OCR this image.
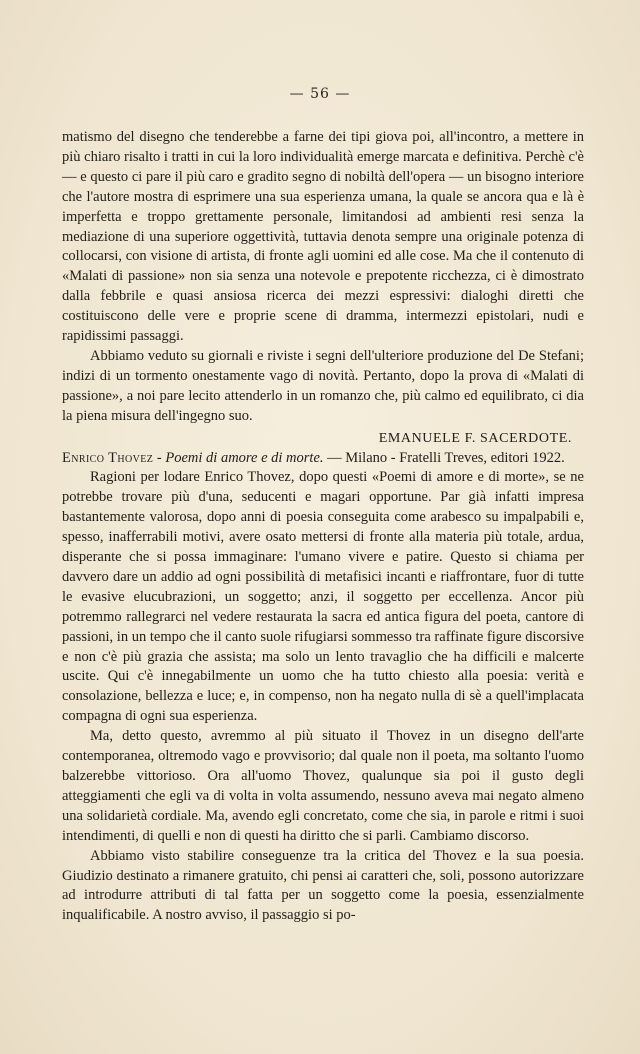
— 56 —

matismo del disegno che tenderebbe a farne dei tipi giova poi, all'incontro, a mettere in più chiaro risalto i tratti in cui la loro individualità emerge marcata e definitiva. Perchè c'è — e questo ci pare il più caro e gradito segno di nobiltà dell'opera — un bisogno interiore che l'autore mostra di esprimere una sua esperienza umana, la quale se ancora qua e là è imperfetta e troppo grettamente personale, limitandosi ad ambienti resi senza la mediazione di una superiore oggettività, tuttavia denota sempre una originale potenza di collocarsi, con visione di artista, di fronte agli uomini ed alle cose. Ma che il contenuto di «Malati di passione» non sia senza una notevole e prepotente ricchezza, ci è dimostrato dalla febbrile e quasi ansiosa ricerca dei mezzi espressivi: dialoghi diretti che costituiscono delle vere e proprie scene di dramma, intermezzi epistolari, nudi e rapidissimi passaggi.

Abbiamo veduto su giornali e riviste i segni dell'ulteriore produzione del De Stefani; indizi di un tormento onestamente vago di novità. Pertanto, dopo la prova di «Malati di passione», a noi pare lecito attenderlo in un romanzo che, più calmo ed equilibrato, ci dia la piena misura dell'ingegno suo.

EMANUELE F. SACERDOTE.

Enrico Thovez - Poemi di amore e di morte. — Milano - Fratelli Treves, editori 1922.

Ragioni per lodare Enrico Thovez, dopo questi «Poemi di amore e di morte», se ne potrebbe trovare più d'una, seducenti e magari opportune. Par già infatti impresa bastantemente valorosa, dopo anni di poesia conseguita come arabesco su impalpabili e, spesso, inafferrabili motivi, avere osato mettersi di fronte alla materia più totale, ardua, disperante che si possa immaginare: l'umano vivere e patire. Questo si chiama per davvero dare un addio ad ogni possibilità di metafisici incanti e riaffrontare, fuor di tutte le evasive elucubrazioni, un soggetto; anzi, il soggetto per eccellenza. Ancor più potremmo rallegrarci nel vedere restaurata la sacra ed antica figura del poeta, cantore di passioni, in un tempo che il canto suole rifugiarsi sommesso tra raffinate figure discorsive e non c'è più grazia che assista; ma solo un lento travaglio che ha difficili e malcerte uscite. Qui c'è innegabilmente un uomo che ha tutto chiesto alla poesia: verità e consolazione, bellezza e luce; e, in compenso, non ha negato nulla di sè a quell'implacata compagna di ogni sua esperienza.

Ma, detto questo, avremmo al più situato il Thovez in un disegno dell'arte contemporanea, oltremodo vago e provvisorio; dal quale non il poeta, ma soltanto l'uomo balzerebbe vittorioso. Ora all'uomo Thovez, qualunque sia poi il gusto degli atteggiamenti che egli va di volta in volta assumendo, nessuno aveva mai negato almeno una solidarietà cordiale. Ma, avendo egli concretato, come che sia, in parole e ritmi i suoi intendimenti, di quelli e non di questi ha diritto che si parli. Cambiamo discorso.

Abbiamo visto stabilire conseguenze tra la critica del Thovez e la sua poesia. Giudizio destinato a rimanere gratuito, chi pensi ai caratteri che, soli, possono autorizzare ad introdurre attributi di tal fatta per un soggetto come la poesia, essenzialmente inqualificabile. A nostro avviso, il passaggio si po-
